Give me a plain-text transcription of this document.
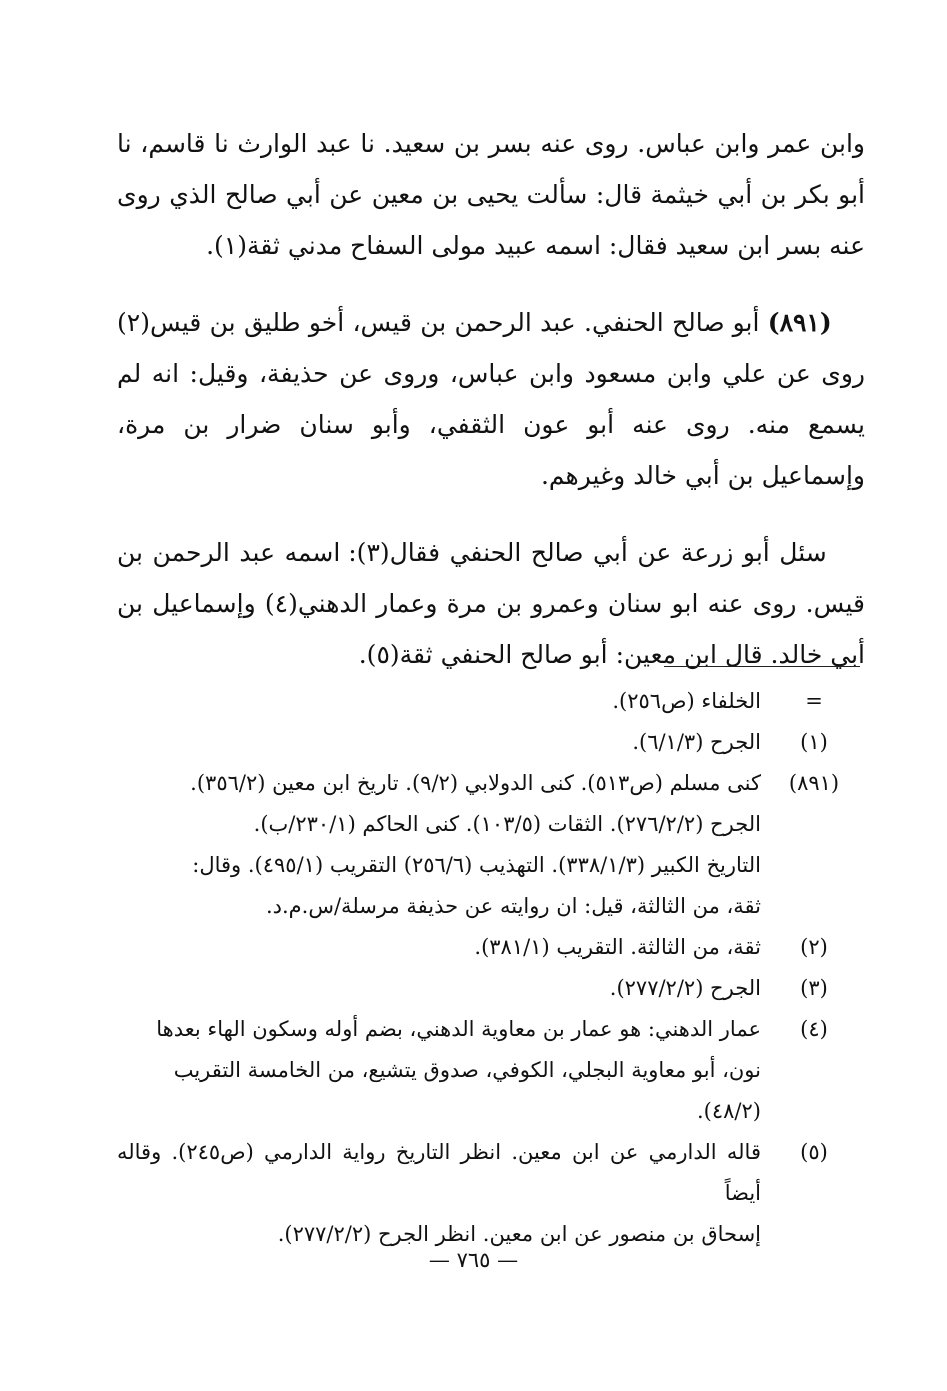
وابن عمر وابن عباس. روى عنه بسر بن سعيد. نا عبد الوارث نا قاسم، نا أبو بكر بن أبي خيثمة قال: سألت يحيى بن معين عن أبي صالح الذي روى عنه بسر ابن سعيد فقال: اسمه عبيد مولى السفاح مدني ثقة(١).

(٨٩١) أبو صالح الحنفي. عبد الرحمن بن قيس، أخو طليق بن قيس(٢) روى عن علي وابن مسعود وابن عباس، وروى عن حذيفة، وقيل: انه لم يسمع منه. روى عنه أبو عون الثقفي، وأبو سنان ضرار بن مرة، وإسماعيل بن أبي خالد وغيرهم.

سئل أبو زرعة عن أبي صالح الحنفي فقال(٣): اسمه عبد الرحمن بن قيس. روى عنه ابو سنان وعمرو بن مرة وعمار الدهني(٤) وإسماعيل بن أبي خالد. قال ابن معين: أبو صالح الحنفي ثقة(٥).

=
الخلفاء (ص٢٥٦).
(١)
الجرح (٦/١/٣).
(٨٩١)
كنى مسلم (ص٥١٣). كنى الدولابي (٩/٢). تاريخ ابن معين (٣٥٦/٢).
الجرح (٢٧٦/٢/٢). الثقات (١٠٣/٥). كنى الحاكم (٢٣٠/١/ب).
التاريخ الكبير (٣٣٨/١/٣). التهذيب (٢٥٦/٦) التقريب (٤٩٥/١). وقال:
ثقة، من الثالثة، قيل: ان روايته عن حذيفة مرسلة/س.م.د.
(٢)
ثقة، من الثالثة. التقريب (٣٨١/١).
(٣)
الجرح (٢٧٧/٢/٢).
(٤)
عمار الدهني: هو عمار بن معاوية الدهني، بضم أوله وسكون الهاء بعدها
نون، أبو معاوية البجلي، الكوفي، صدوق يتشيع، من الخامسة التقريب
(٤٨/٢).
(٥)
قاله الدارمي عن ابن معين. انظر التاريخ رواية الدارمي (ص٢٤٥). وقاله أيضاً
إسحاق بن منصور عن ابن معين. انظر الجرح (٢٧٧/٢/٢).
— ٧٦٥ —
